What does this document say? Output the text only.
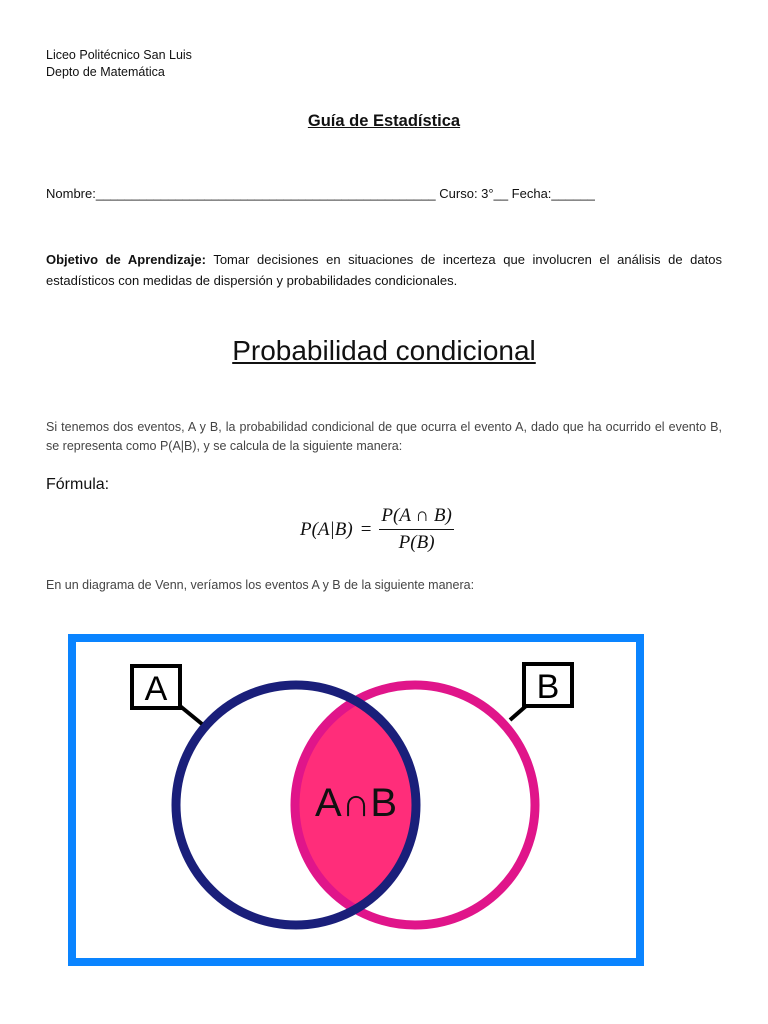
Liceo Politécnico San Luis
Depto de Matemática
Guía de Estadística
Nombre:_______________________________________________ Curso: 3°__ Fecha:______
Objetivo de Aprendizaje: Tomar decisiones en situaciones de incerteza que involucren el análisis de datos estadísticos con medidas de dispersión y probabilidades condicionales.
Probabilidad condicional
Si tenemos dos eventos, A y B, la probabilidad condicional de que ocurra el evento A, dado que ha ocurrido el evento B, se representa como P(A|B), y se calcula de la siguiente manera:
Fórmula:
$P(A|B) = \frac{P(A \cap B)}{P(B)}$
En un diagrama de Venn, veríamos los eventos A y B de la siguiente manera:
A	B
A∩B
